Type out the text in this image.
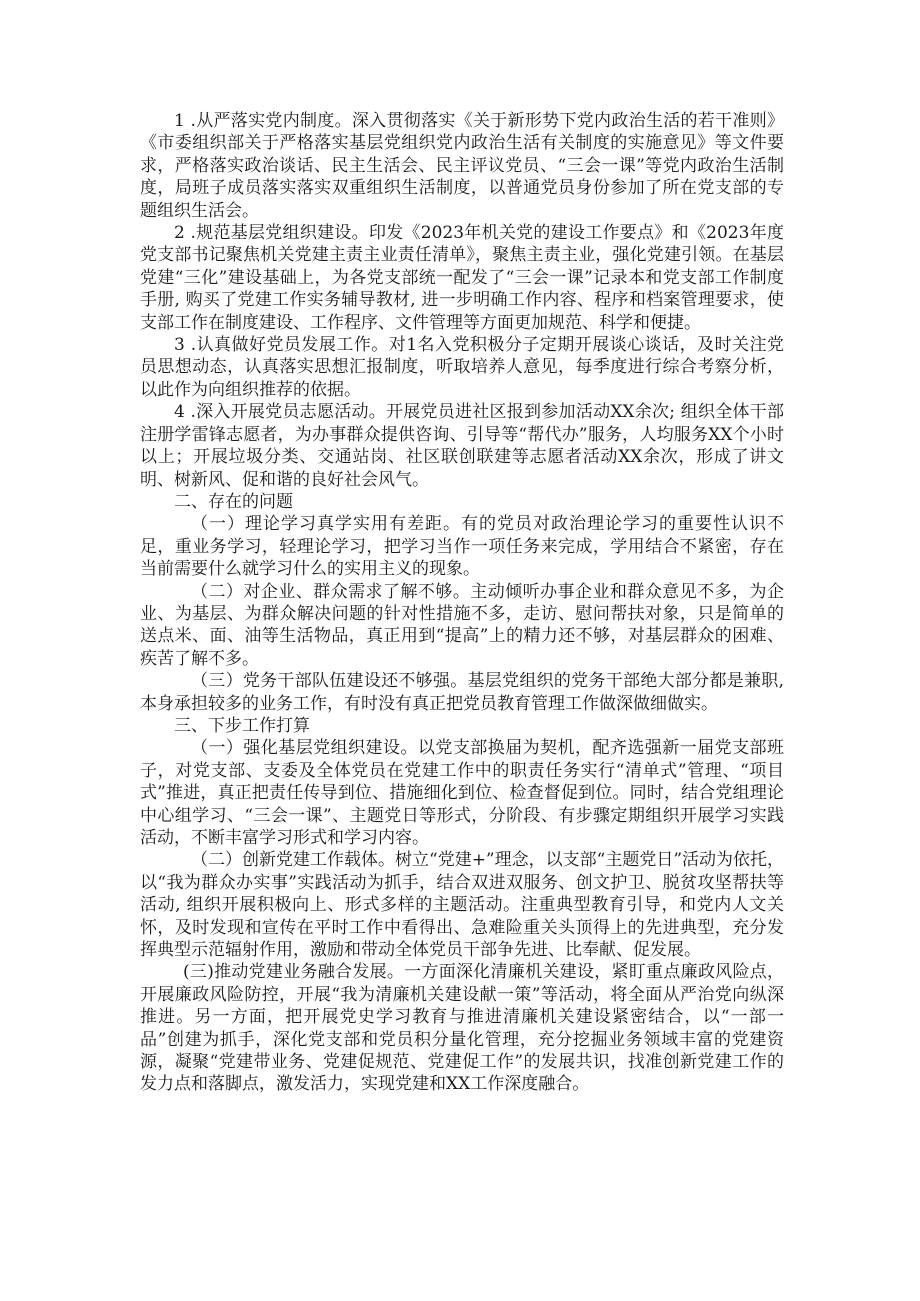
1 .从严落实党内制度。深入贯彻落实《关于新形势下党内政治生活的若干准则》《市委组织部关于严格落实基层党组织党内政治生活有关制度的实施意见》等文件要求，严格落实政治谈话、民主生活会、民主评议党员、“三会一课”等党内政治生活制度，局班子成员落实落实双重组织生活制度，以普通党员身份参加了所在党支部的专题组织生活会。

2 .规范基层党组织建设。印发《2023年机关党的建设工作要点》和《2023年度党支部书记聚焦机关党建主责主业责任清单》，聚焦主责主业，强化党建引领。在基层党建“三化”建设基础上，为各党支部统一配发了“三会一课”记录本和党支部工作制度手册, 购买了党建工作实务辅导教材, 进一步明确工作内容、程序和档案管理要求，使支部工作在制度建设、工作程序、文件管理等方面更加规范、科学和便捷。

3 .认真做好党员发展工作。对1名入党积极分子定期开展谈心谈话，及时关注党员思想动态，认真落实思想汇报制度，听取培养人意见，每季度进行综合考察分析，以此作为向组织推荐的依据。

4 .深入开展党员志愿活动。开展党员进社区报到参加活动XX余次; 组织全体干部注册学雷锋志愿者，为办事群众提供咨询、引导等“帮代办”服务，人均服务XX个小时以上；开展垃圾分类、交通站岗、社区联创联建等志愿者活动XX余次，形成了讲文明、树新风、促和谐的良好社会风气。

二、存在的问题

（一）理论学习真学实用有差距。有的党员对政治理论学习的重要性认识不足，重业务学习，轻理论学习，把学习当作一项任务来完成，学用结合不紧密，存在当前需要什么就学习什么的实用主义的现象。

（二）对企业、群众需求了解不够。主动倾听办事企业和群众意见不多，为企业、为基层、为群众解决问题的针对性措施不多，走访、慰问帮扶对象，只是简单的送点米、面、油等生活物品，真正用到“提高”上的精力还不够，对基层群众的困难、疾苦了解不多。

（三）党务干部队伍建设还不够强。基层党组织的党务干部绝大部分都是兼职, 本身承担较多的业务工作，有时没有真正把党员教育管理工作做深做细做实。

三、下步工作打算

（一）强化基层党组织建设。以党支部换届为契机，配齐选强新一届党支部班子，对党支部、支委及全体党员在党建工作中的职责任务实行“清单式”管理、“项目式”推进，真正把责任传导到位、措施细化到位、检查督促到位。同时，结合党组理论中心组学习、“三会一课”、主题党日等形式，分阶段、有步骤定期组织开展学习实践活动，不断丰富学习形式和学习内容。

（二）创新党建工作载体。树立“党建+”理念，以支部“主题党日”活动为依托，以“我为群众办实事”实践活动为抓手，结合双进双服务、创文护卫、脱贫攻坚帮扶等活动, 组织开展积极向上、形式多样的主题活动。注重典型教育引导，和党内人文关怀，及时发现和宣传在平时工作中看得出、急难险重关头顶得上的先进典型，充分发挥典型示范辐射作用，激励和带动全体党员干部争先进、比奉献、促发展。

(三)推动党建业务融合发展。一方面深化清廉机关建设，紧盯重点廉政风险点，开展廉政风险防控，开展“我为清廉机关建设献一策”等活动，将全面从严治党向纵深推进。另一方面，把开展党史学习教育与推进清廉机关建设紧密结合，以“一部一品”创建为抓手，深化党支部和党员积分量化管理，充分挖掘业务领域丰富的党建资源，凝聚“党建带业务、党建促规范、党建促工作”的发展共识，找准创新党建工作的发力点和落脚点，激发活力，实现党建和XX工作深度融合。
